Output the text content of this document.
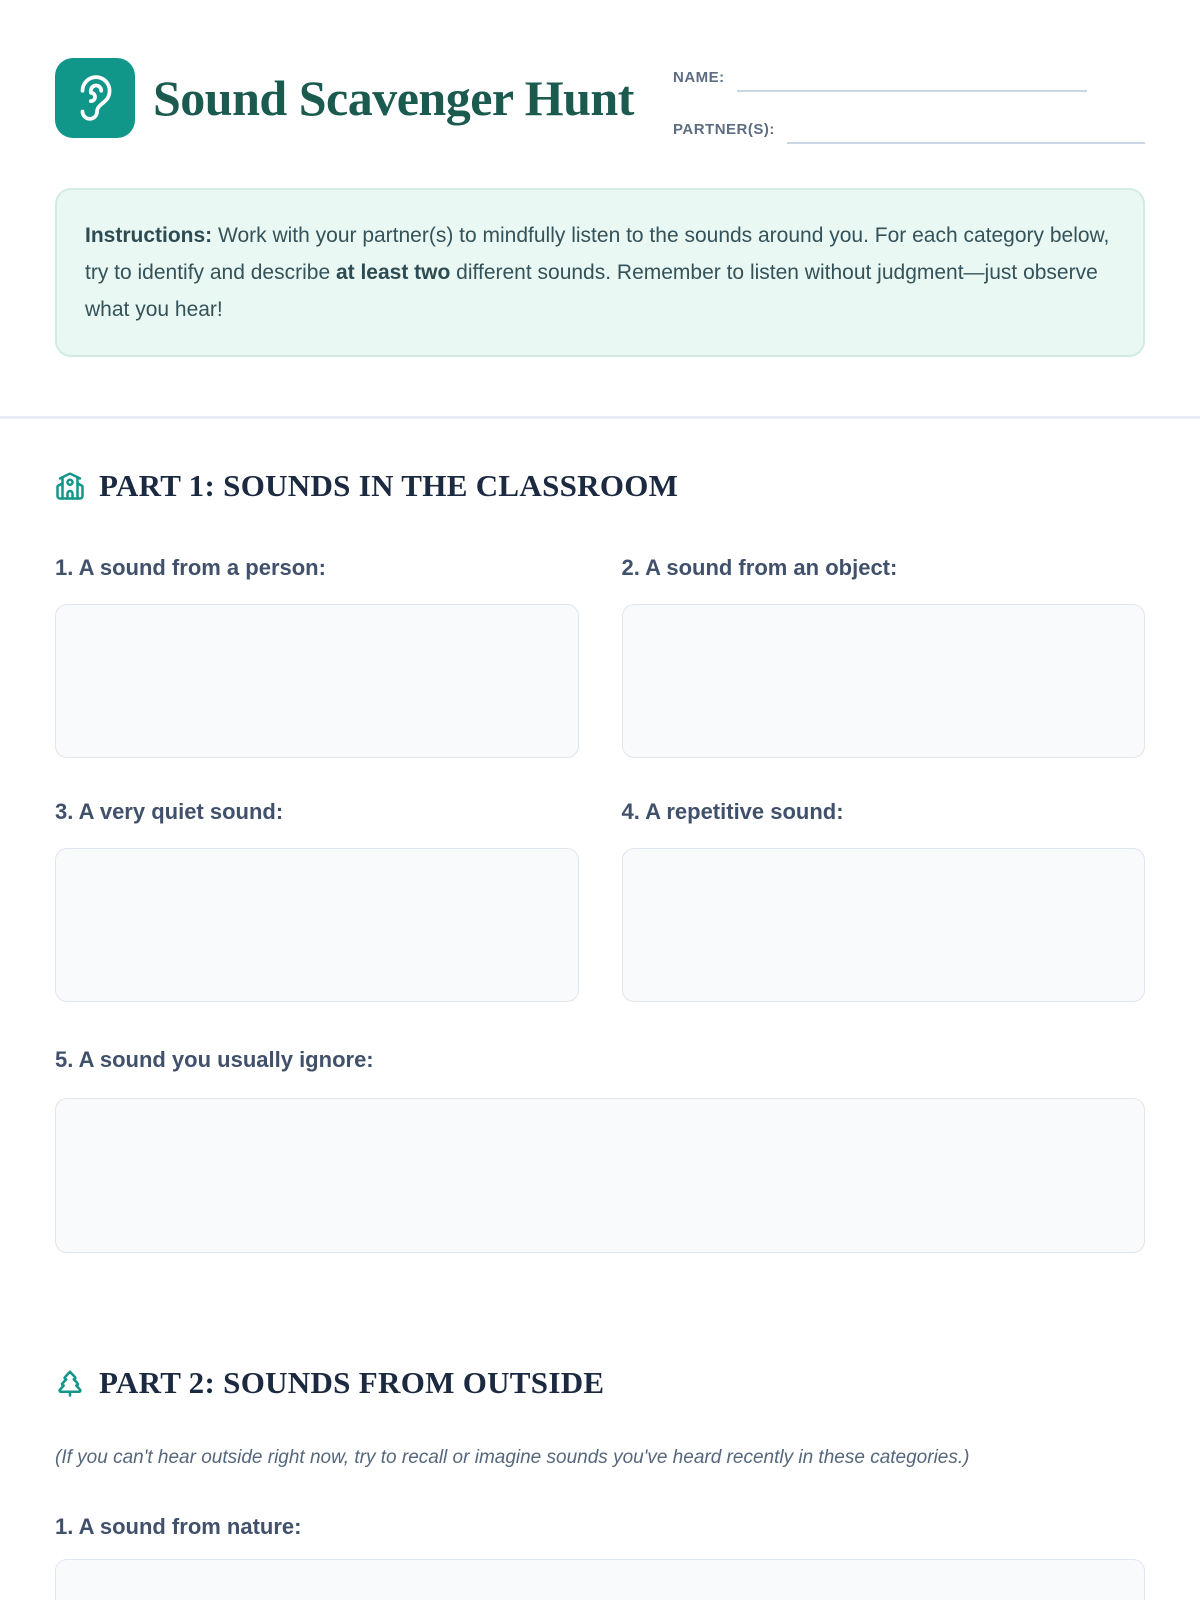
Sound Scavenger Hunt	NAME:
PARTNER(S):
Instructions: Work with your partner(s) to mindfully listen to the sounds around you. For each category below, try to identify and describe at least two different sounds. Remember to listen without judgment—just observe what you hear!
PART 1: SOUNDS IN THE CLASSROOM
1. A sound from a person:	2. A sound from an object:
3. A very quiet sound:	4. A repetitive sound:
5. A sound you usually ignore:
PART 2: SOUNDS FROM OUTSIDE
(If you can't hear outside right now, try to recall or imagine sounds you've heard recently in these categories.)
1. A sound from nature:
